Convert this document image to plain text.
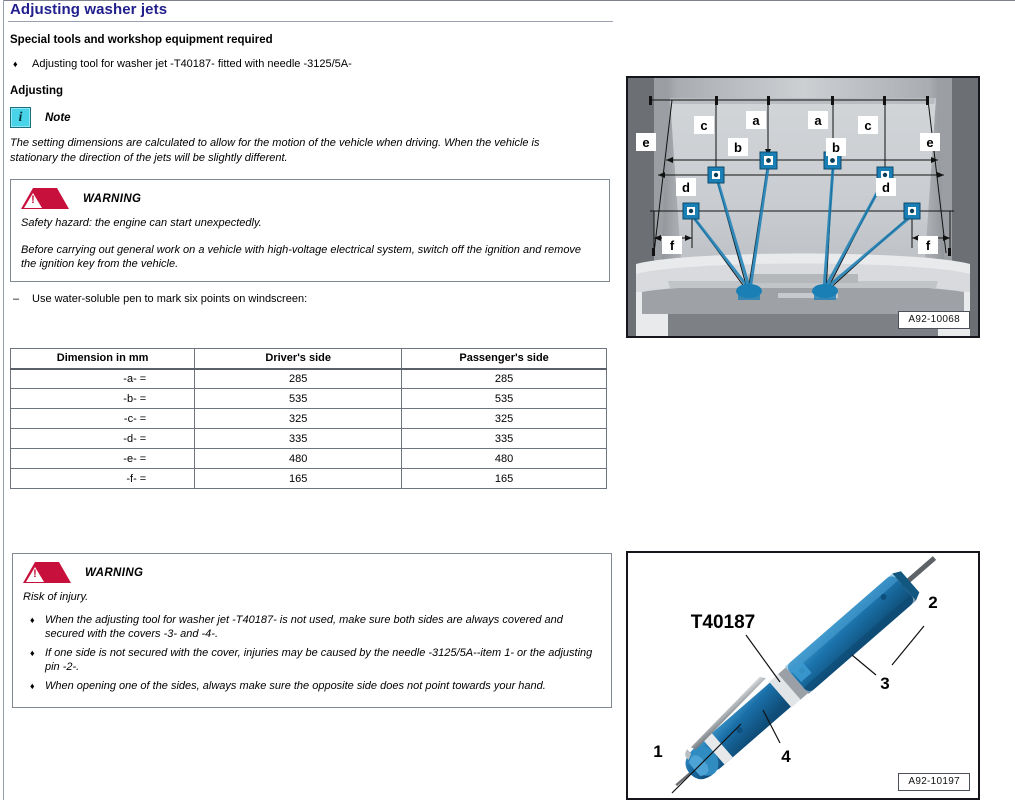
Adjusting washer jets
Special tools and workshop equipment required
♦	Adjusting tool for washer jet -T40187- fitted with needle -3125/5A-
Adjusting
i
Note
The setting dimensions are calculated to allow for the motion of the vehicle when driving. When the vehicle is stationary the direction of the jets will be slightly different.
!	WARNING

Safety hazard: the engine can start unexpectedly.

Before carrying out general work on a vehicle with high-voltage electrical system, switch off the ignition and remove the ignition key from the vehicle.

–	Use water-soluble pen to mark six points on windscreen:
Dimension in mm	Driver's side	Passenger's side
-a- =	285	285
-b- =	535	535
-c- =	325	325
-d- =	335	335
-e- =	480	480
-f- =	165	165
!	WARNING

Risk of injury.

♦ When the adjusting tool for washer jet -T40187- is not used, make sure both sides are always covered and secured with the covers -3- and -4-.
♦ If one side is not secured with the cover, injuries may be caused by the needle -3125/5A--item 1- or the adjusting pin -2-.
♦ When opening one of the sides, always make sure the opposite side does not point towards your hand.
e
c	a
b
d
f
a
b
c
d
e
f
A92-10068
1
2
3
4
T40187
A92-10197
